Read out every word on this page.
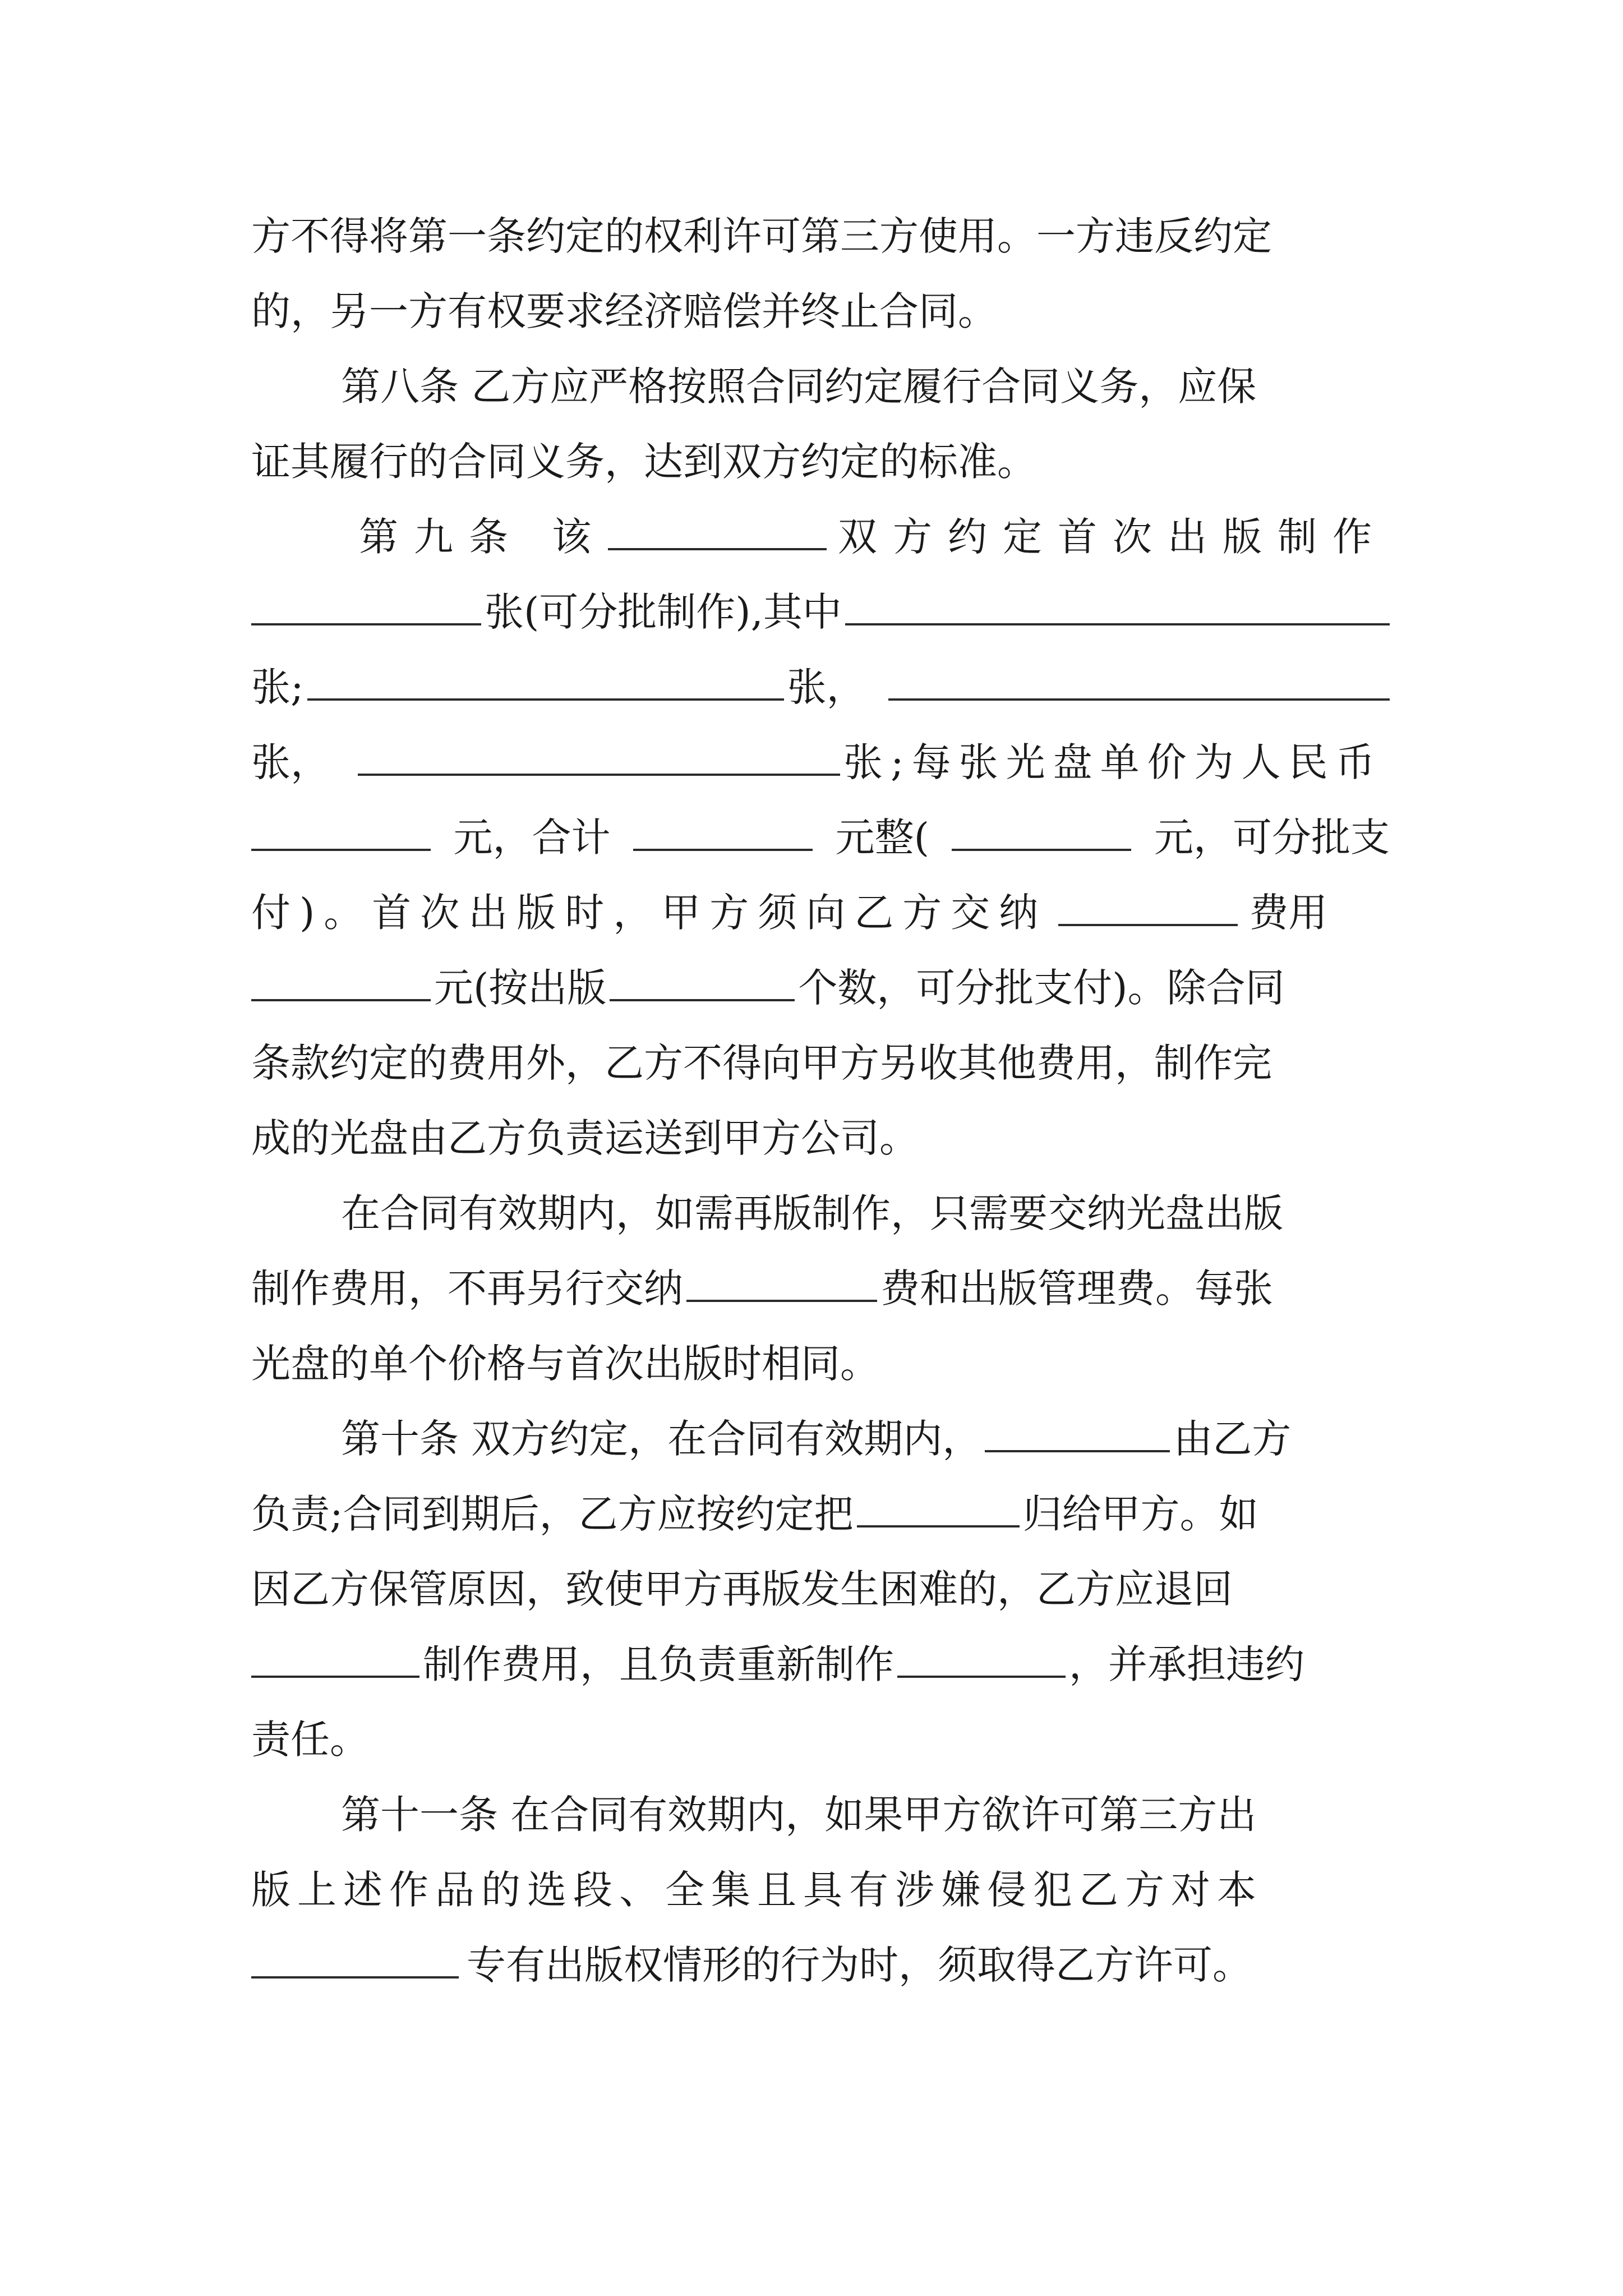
方不得将第一条约定的权利许可第三方使用。一方违反约定
的，另一方有权要求经济赔偿并终止合同。
第八条 乙方应严格按照合同约定履行合同义务，应保
证其履行的合同义务，达到双方约定的标准。
第九条 该	双方约定首次出版制作
张(可分批制作),其中
张;	张，
张，	张;每张光盘单价为人民币
元，合计	元整(	元，可分批支
付)。首次出版时，甲方须向乙方交纳	费用
元(按出版	个数，可分批支付)。除合同
条款约定的费用外，乙方不得向甲方另收其他费用，制作完
成的光盘由乙方负责运送到甲方公司。
在合同有效期内，如需再版制作，只需要交纳光盘出版
制作费用，不再另行交纳	费和出版管理费。每张
光盘的单个价格与首次出版时相同。
第十条 双方约定，在合同有效期内，	由乙方
负责;合同到期后，乙方应按约定把	归给甲方。如
因乙方保管原因，致使甲方再版发生困难的，乙方应退回
制作费用，且负责重新制作	，并承担违约
责任。
第十一条 在合同有效期内，如果甲方欲许可第三方出
版上述作品的选段、全集且具有涉嫌侵犯乙方对本
专有出版权情形的行为时，须取得乙方许可。
